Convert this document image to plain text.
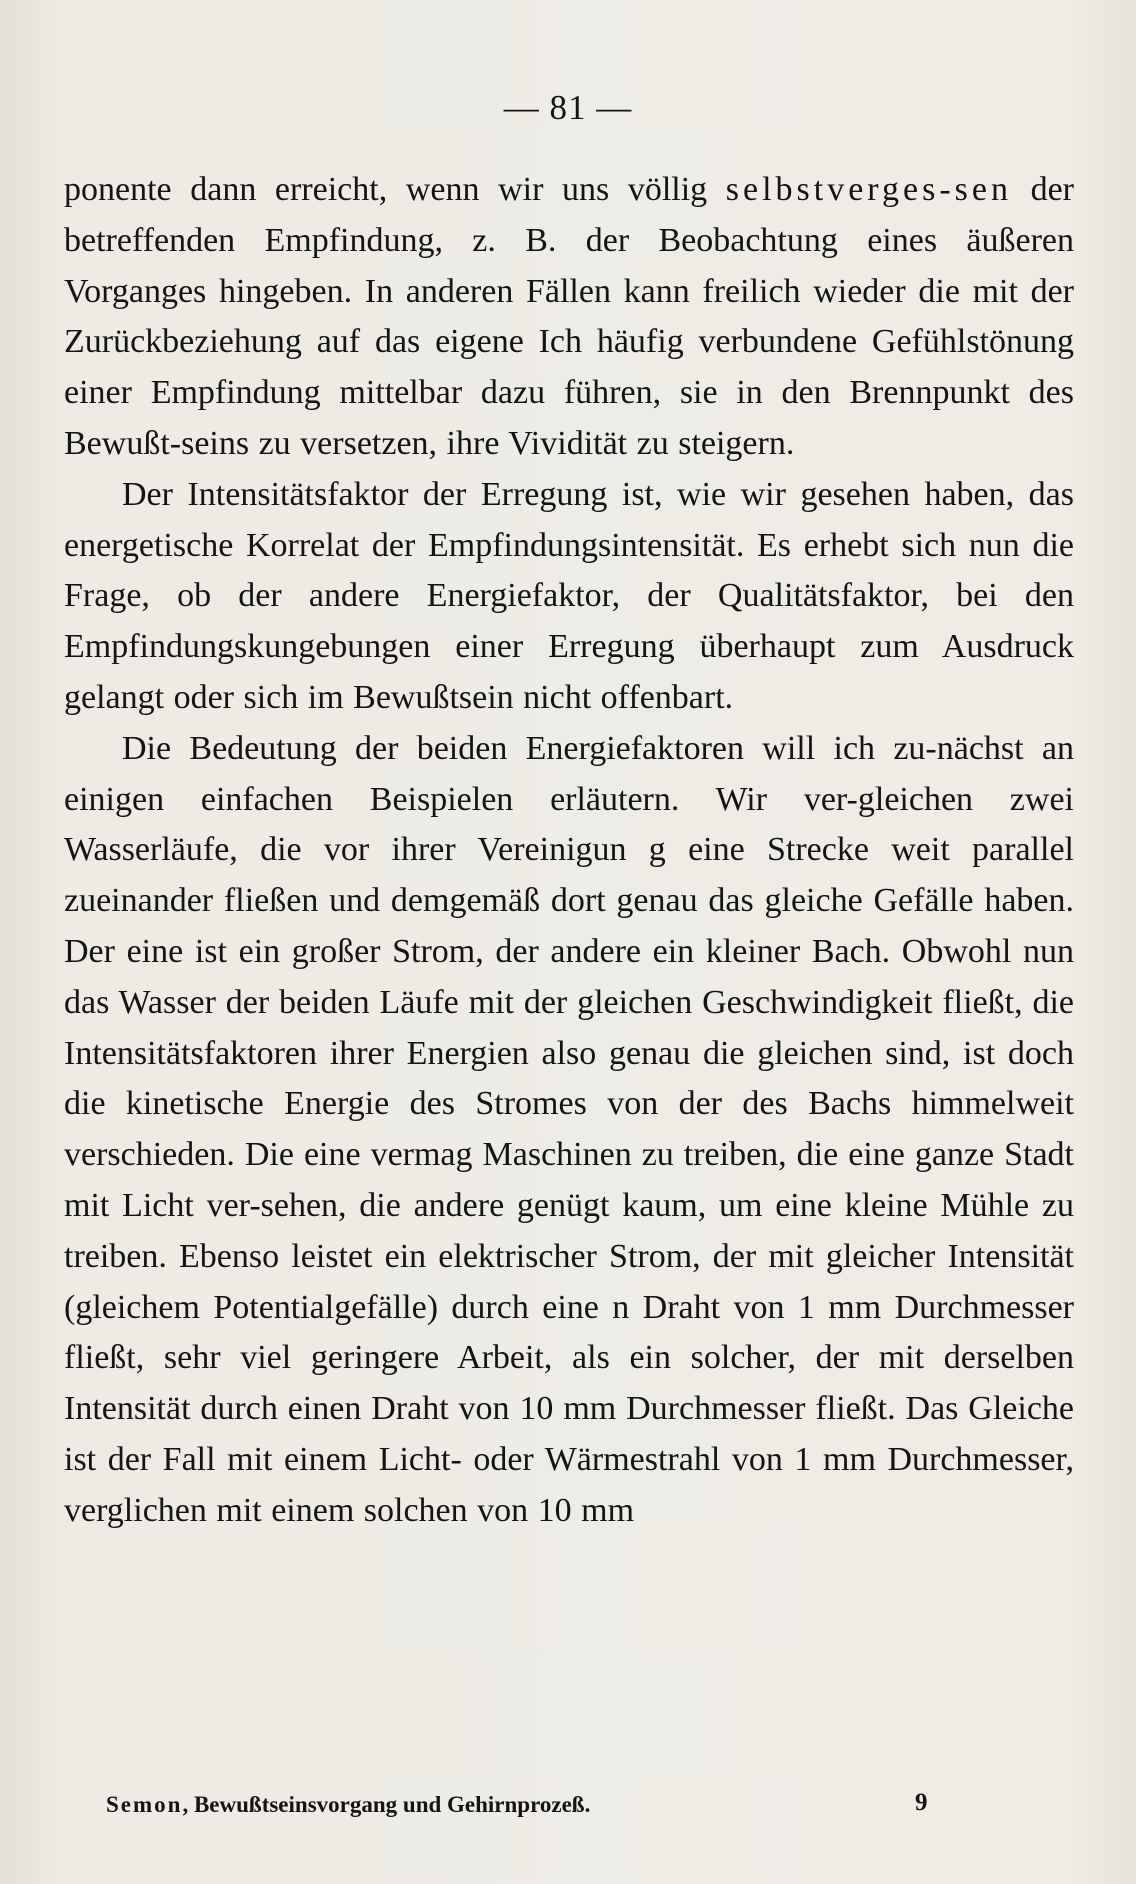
— 81 —

ponente dann erreicht, wenn wir uns völlig selbstverges-sen der betreffenden Empfindung, z. B. der Beobachtung eines äußeren Vorganges hingeben. In anderen Fällen kann freilich wieder die mit der Zurückbeziehung auf das eigene Ich häufig verbundene Gefühlstönung einer Empfindung mittelbar dazu führen, sie in den Brennpunkt des Bewußt-seins zu versetzen, ihre Vividität zu steigern.

Der Intensitätsfaktor der Erregung ist, wie wir gesehen haben, das energetische Korrelat der Empfindungsintensität. Es erhebt sich nun die Frage, ob der andere Energiefaktor, der Qualitätsfaktor, bei den Empfindungskungebungen einer Erregung überhaupt zum Ausdruck gelangt oder sich im Bewußtsein nicht offenbart.

Die Bedeutung der beiden Energiefaktoren will ich zu-nächst an einigen einfachen Beispielen erläutern. Wir ver-gleichen zwei Wasserläufe, die vor ihrer Vereinigun g eine Strecke weit parallel zueinander fließen und demgemäß dort genau das gleiche Gefälle haben. Der eine ist ein großer Strom, der andere ein kleiner Bach. Obwohl nun das Wasser der beiden Läufe mit der gleichen Geschwindigkeit fließt, die Intensitätsfaktoren ihrer Energien also genau die gleichen sind, ist doch die kinetische Energie des Stromes von der des Bachs himmelweit verschieden. Die eine vermag Maschinen zu treiben, die eine ganze Stadt mit Licht ver-sehen, die andere genügt kaum, um eine kleine Mühle zu treiben. Ebenso leistet ein elektrischer Strom, der mit gleicher Intensität (gleichem Potentialgefälle) durch eine n Draht von 1 mm Durchmesser fließt, sehr viel geringere Arbeit, als ein solcher, der mit derselben Intensität durch einen Draht von 10 mm Durchmesser fließt. Das Gleiche ist der Fall mit einem Licht- oder Wärmestrahl von 1 mm Durchmesser, verglichen mit einem solchen von 10 mm

Semon, Bewußtseinsvorgang und Gehirnprozeß.	9
